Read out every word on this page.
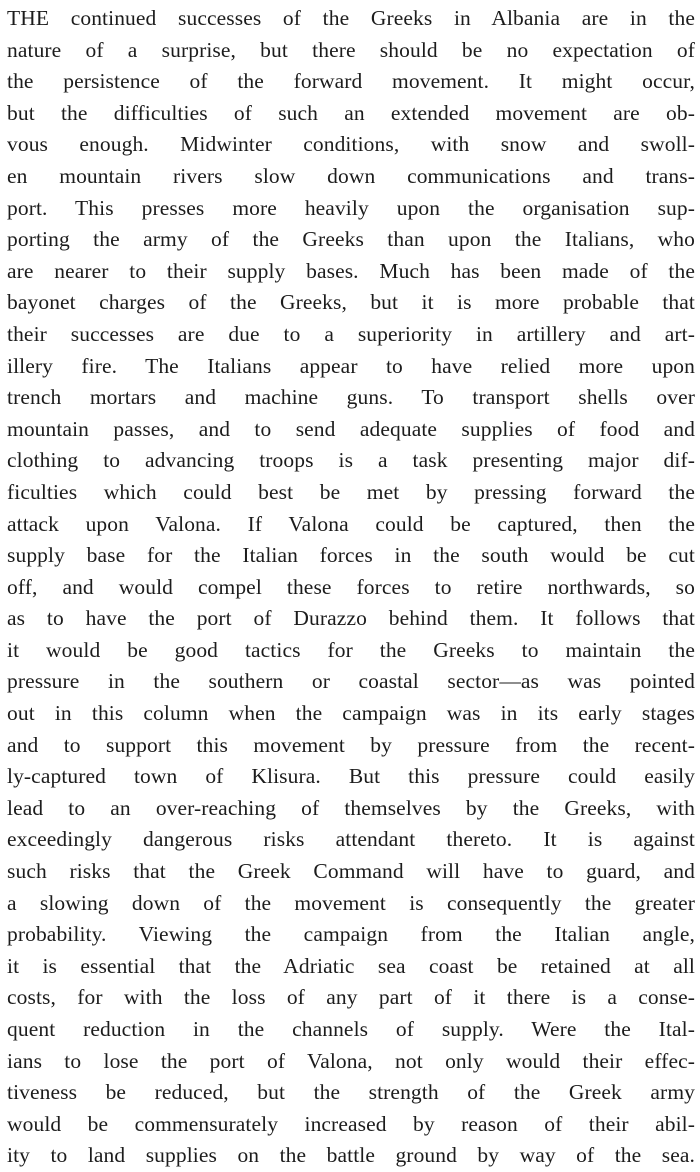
THE continued successes of the Greeks in Albania are in the
nature of a surprise, but there should be no expectation of
the persistence of the forward movement. It might occur,
but the difficulties of such an extended movement are ob-
vous enough. Midwinter conditions, with snow and swoll-
en mountain rivers slow down communications and trans-
port. This presses more heavily upon the organisation sup-
porting the army of the Greeks than upon the Italians, who
are nearer to their supply bases. Much has been made of the
bayonet charges of the Greeks, but it is more probable that
their successes are due to a superiority in artillery and art-
illery fire. The Italians appear to have relied more upon
trench mortars and machine guns. To transport shells over
mountain passes, and to send adequate supplies of food and
clothing to advancing troops is a task presenting major dif-
ficulties which could best be met by pressing forward the
attack upon Valona. If Valona could be captured, then the
supply base for the Italian forces in the south would be cut
off, and would compel these forces to retire northwards, so
as to have the port of Durazzo behind them. It follows that
it would be good tactics for the Greeks to maintain the
pressure in the southern or coastal sector—as was pointed
out in this column when the campaign was in its early stages
and to support this movement by pressure from the recent-
ly-captured town of Klisura. But this pressure could easily
lead to an over-reaching of themselves by the Greeks, with
exceedingly dangerous risks attendant thereto. It is against
such risks that the Greek Command will have to guard, and
a slowing down of the movement is consequently the greater
probability. Viewing the campaign from the Italian angle,
it is essential that the Adriatic sea coast be retained at all
costs, for with the loss of any part of it there is a conse-
quent reduction in the channels of supply. Were the Ital-
ians to lose the port of Valona, not only would their effec-
tiveness be reduced, but the strength of the Greek army
would be commensurately increased by reason of their abil-
ity to land supplies on the battle ground by way of the sea.
